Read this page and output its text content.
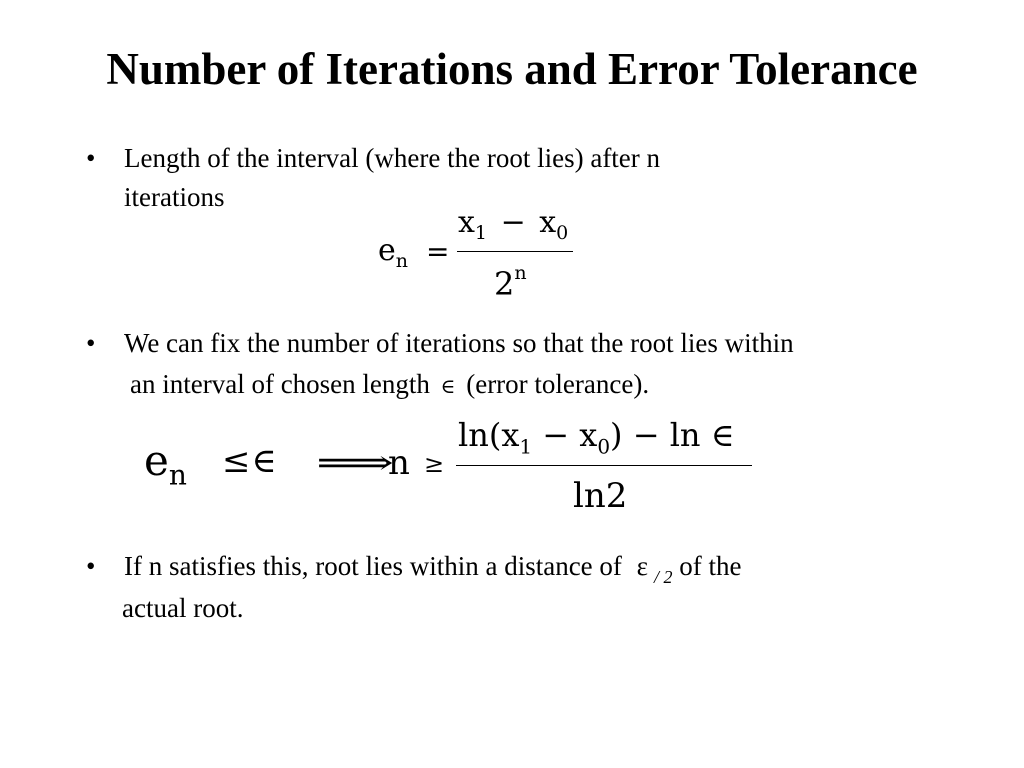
Number of Iterations and Error Tolerance
• Length of the interval (where the root lies) after n
iterations
$e_n$ =
$x_1 - x_0$
2$^n$
• We can fix the number of iterations so that the root lies within
an interval of chosen length ∈ (error tolerance).
$e_n$ ≤∈ ⟹
n ≥
$\ln(x_1 - x_0) - \ln$ ∈
ln2
• If n satisfies this, root lies within a distance of ε $_{/ 2}$ of the
actual root.
